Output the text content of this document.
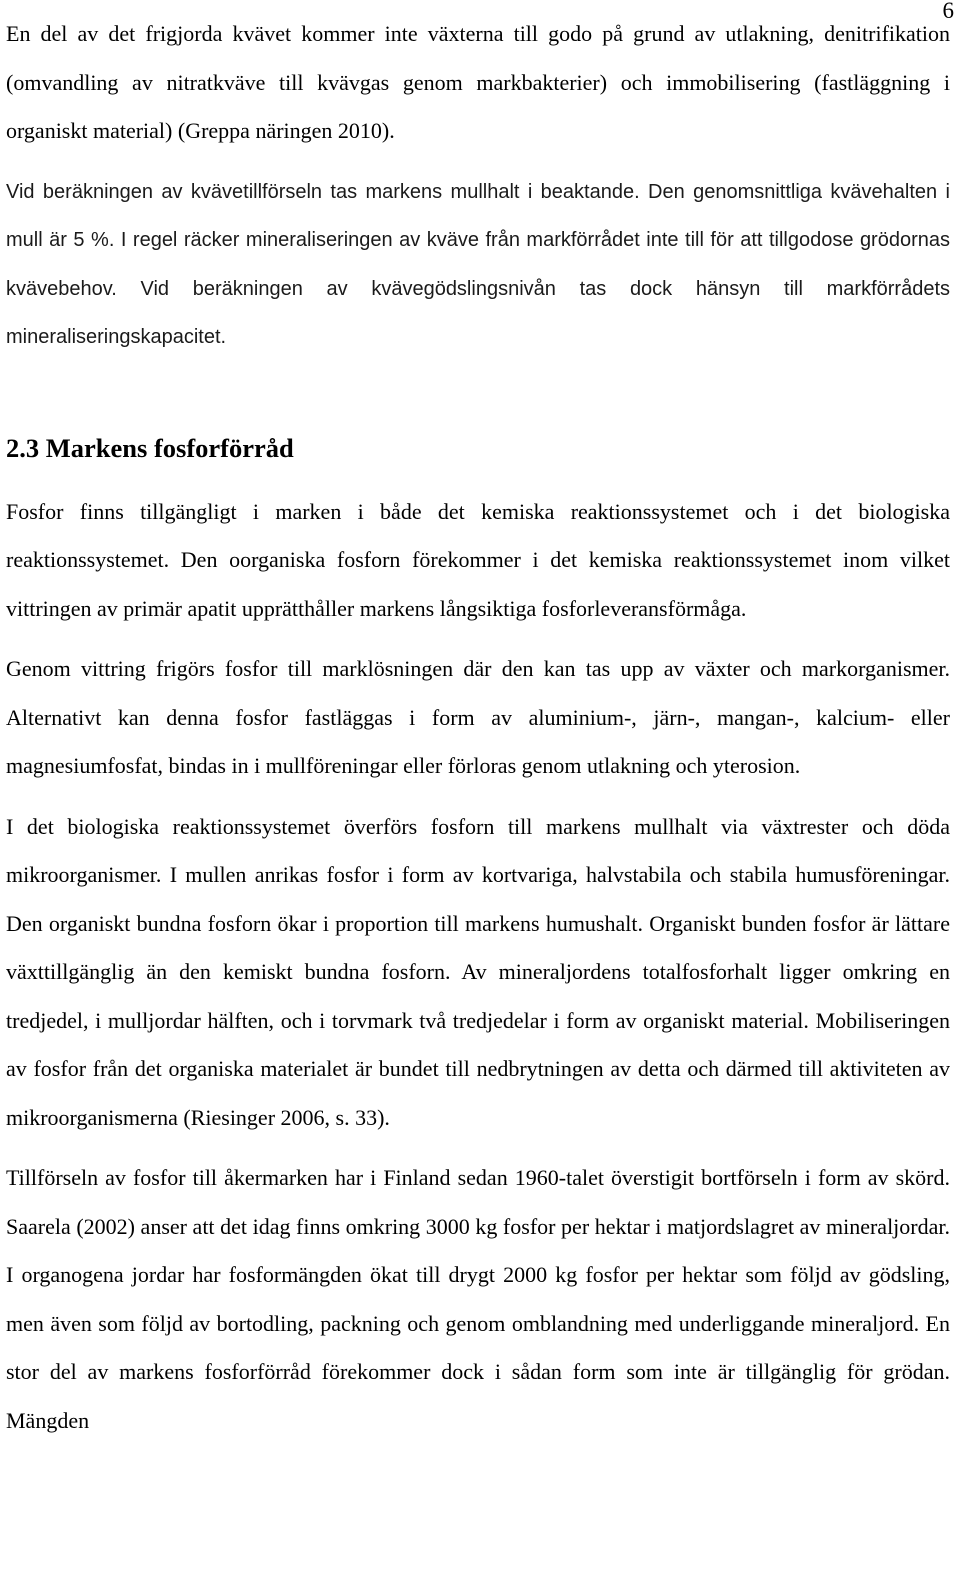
6

En del av det frigjorda kvävet kommer inte växterna till godo på grund av utlakning, denitrifikation (omvandling av nitratkväve till kvävgas genom markbakterier) och immobilisering (fastläggning i organiskt material) (Greppa näringen 2010).

Vid beräkningen av kvävetillförseln tas markens mullhalt i beaktande. Den genomsnittliga kvävehalten i mull är 5 %. I regel räcker mineraliseringen av kväve från markförrådet inte till för att tillgodose grödornas kvävebehov. Vid beräkningen av kvävegödslingsnivån tas dock hänsyn till markförrådets mineraliseringskapacitet.

2.3 Markens fosforförråd

Fosfor finns tillgängligt i marken i både det kemiska reaktionssystemet och i det biologiska reaktionssystemet. Den oorganiska fosforn förekommer i det kemiska reaktionssystemet inom vilket vittringen av primär apatit upprätthåller markens långsiktiga fosforleveransförmåga.

Genom vittring frigörs fosfor till marklösningen där den kan tas upp av växter och markorganismer. Alternativt kan denna fosfor fastläggas i form av aluminium-, järn-, mangan-, kalcium- eller magnesiumfosfat, bindas in i mullföreningar eller förloras genom utlakning och yterosion.

I det biologiska reaktionssystemet överförs fosforn till markens mullhalt via växtrester och döda mikroorganismer. I mullen anrikas fosfor i form av kortvariga, halvstabila och stabila humusföreningar. Den organiskt bundna fosforn ökar i proportion till markens humushalt. Organiskt bunden fosfor är lättare växttillgänglig än den kemiskt bundna fosforn. Av mineraljordens totalfosforhalt ligger omkring en tredjedel, i mulljordar hälften, och i torvmark två tredjedelar i form av organiskt material. Mobiliseringen av fosfor från det organiska materialet är bundet till nedbrytningen av detta och därmed till aktiviteten av mikroorganismerna (Riesinger 2006, s. 33).

Tillförseln av fosfor till åkermarken har i Finland sedan 1960-talet överstigit bortförseln i form av skörd. Saarela (2002) anser att det idag finns omkring 3000 kg fosfor per hektar i matjordslagret av mineraljordar. I organogena jordar har fosformängden ökat till drygt 2000 kg fosfor per hektar som följd av gödsling, men även som följd av bortodling, packning och genom omblandning med underliggande mineraljord. En stor del av markens fosforförråd förekommer dock i sådan form som inte är tillgänglig för grödan. Mängden
